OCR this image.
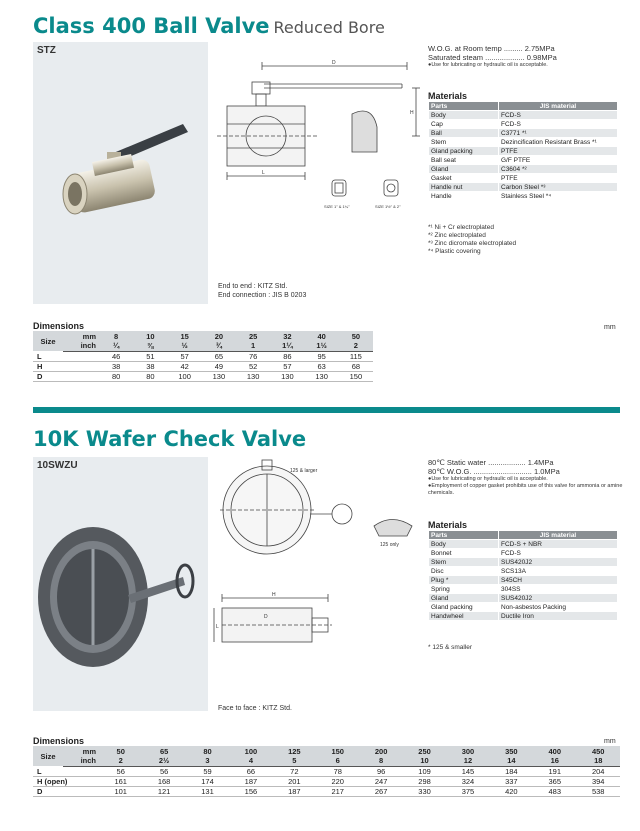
Class 400 Ball Valve Reduced Bore
STZ
D
L
H
SIZE 1" & 1¼"	SIZE 1½" & 2"
End to end : KITZ Std.
End connection : JIS B 0203
W.O.G. at Room temp ......... 2.75MPa
Saturated steam ................... 0.98MPa
●Use for lubricating or hydraulic oil is acceptable.
Materials
Parts	JIS material
Body	FCD-S
Cap	FCD-S
Ball	C3771 *¹
Stem	Dezincification Resistant Brass *¹
Gland packing	PTFE
Ball seat	G/F PTFE
Gland	C3604 *²
Gasket	PTFE
Handle nut	Carbon Steel *³
Handle	Stainless Steel *⁴
*¹ Ni + Cr electroplated
*² Zinc electroplated
*³ Zinc dicromate electroplated
*⁴ Plastic covering
Dimensions	mm
Size	mm	8	10	15	20	25	32	40	50
	inch	¼	⅜	½	¾	1	1¼	1½	2
L		46	51	57	65	76	86	95	115
H		38	38	42	49	52	57	63	68
D		80	80	100	130	130	130	130	150
10K Wafer Check Valve
10SWZU	125 & larger
125 only
H
D
L
Face to face : KITZ Std.
80℃ Static water .................. 1.4MPa
80℃ W.O.G. ............................ 1.0MPa
●Use for lubricating or hydraulic oil is acceptable.
●Employment of copper gasket prohibits use of this valve for ammonia or amine chemicals.
Materials
Parts	JIS material
Body	FCD-S + NBR
Bonnet	FCD-S
Stem	SUS420J2
Disc	SCS13A
Plug *	S45CH
Spring	304SS
Gland	SUS420J2
Gland packing	Non-asbestos Packing
Handwheel	Ductile Iron
* 125 & smaller
Dimensions	mm
Size	mm	50	65	80	100	125	150	200	250	300	350	400	450
	inch	2	2½	3	4	5	6	8	10	12	14	16	18
L		56	56	59	66	72	78	96	109	145	184	191	204
H (open)		161	168	174	187	201	220	247	298	324	337	365	394
D		101	121	131	156	187	217	267	330	375	420	483	538
